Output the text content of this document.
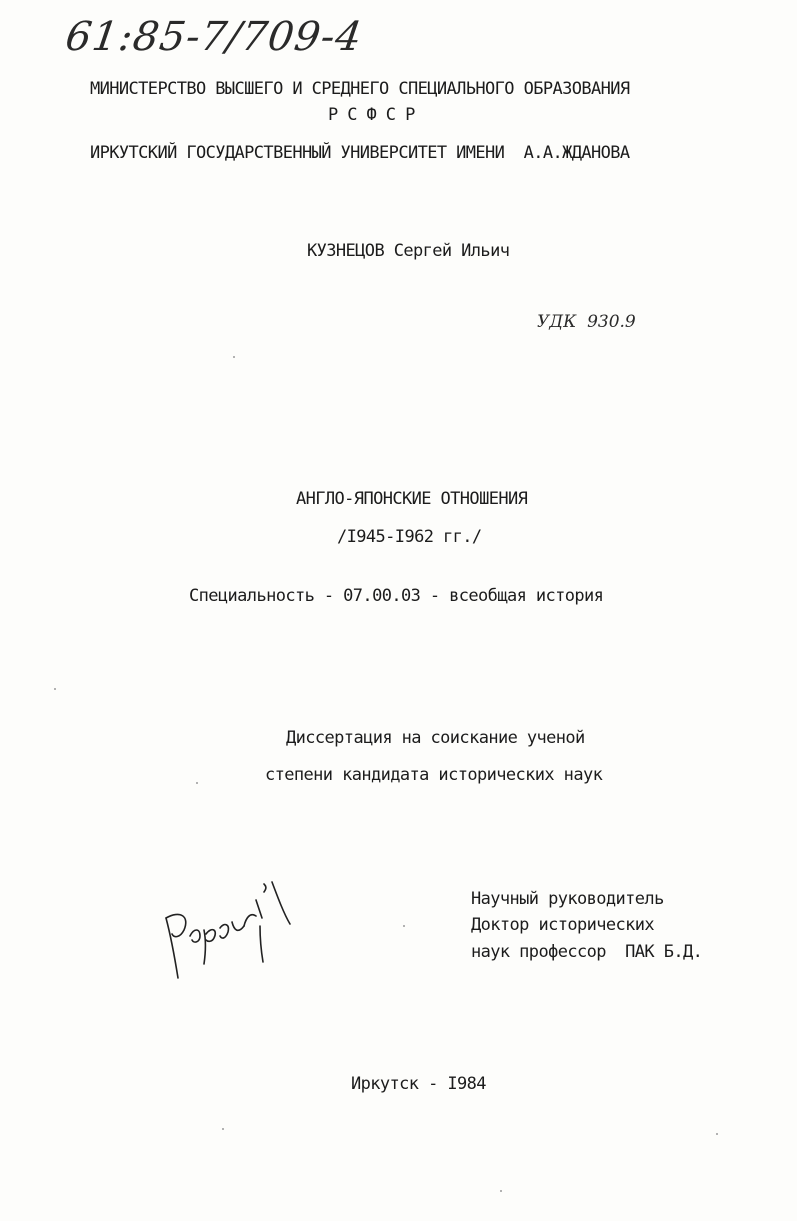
61:85-7/709-4
МИНИСТЕРСТВО ВЫСШЕГО И СРЕДНЕГО СПЕЦИАЛЬНОГО ОБРАЗОВАНИЯ
Р С Ф С Р
ИРКУТСКИЙ ГОСУДАРСТВЕННЫЙ УНИВЕРСИТЕТ ИМЕНИ  А.А.ЖДАНОВА
КУЗНЕЦОВ Сергей Ильич
УДК  930.9
АНГЛО-ЯПОНСКИЕ ОТНОШЕНИЯ
/I945-I962 гг./
Специальность - 07.00.03 - всеобщая история
Диссертация на соискание ученой
степени кандидата исторических наук
Научный руководитель
Доктор исторических
наук профессор  ПАК Б.Д.
Иркутск - I984
